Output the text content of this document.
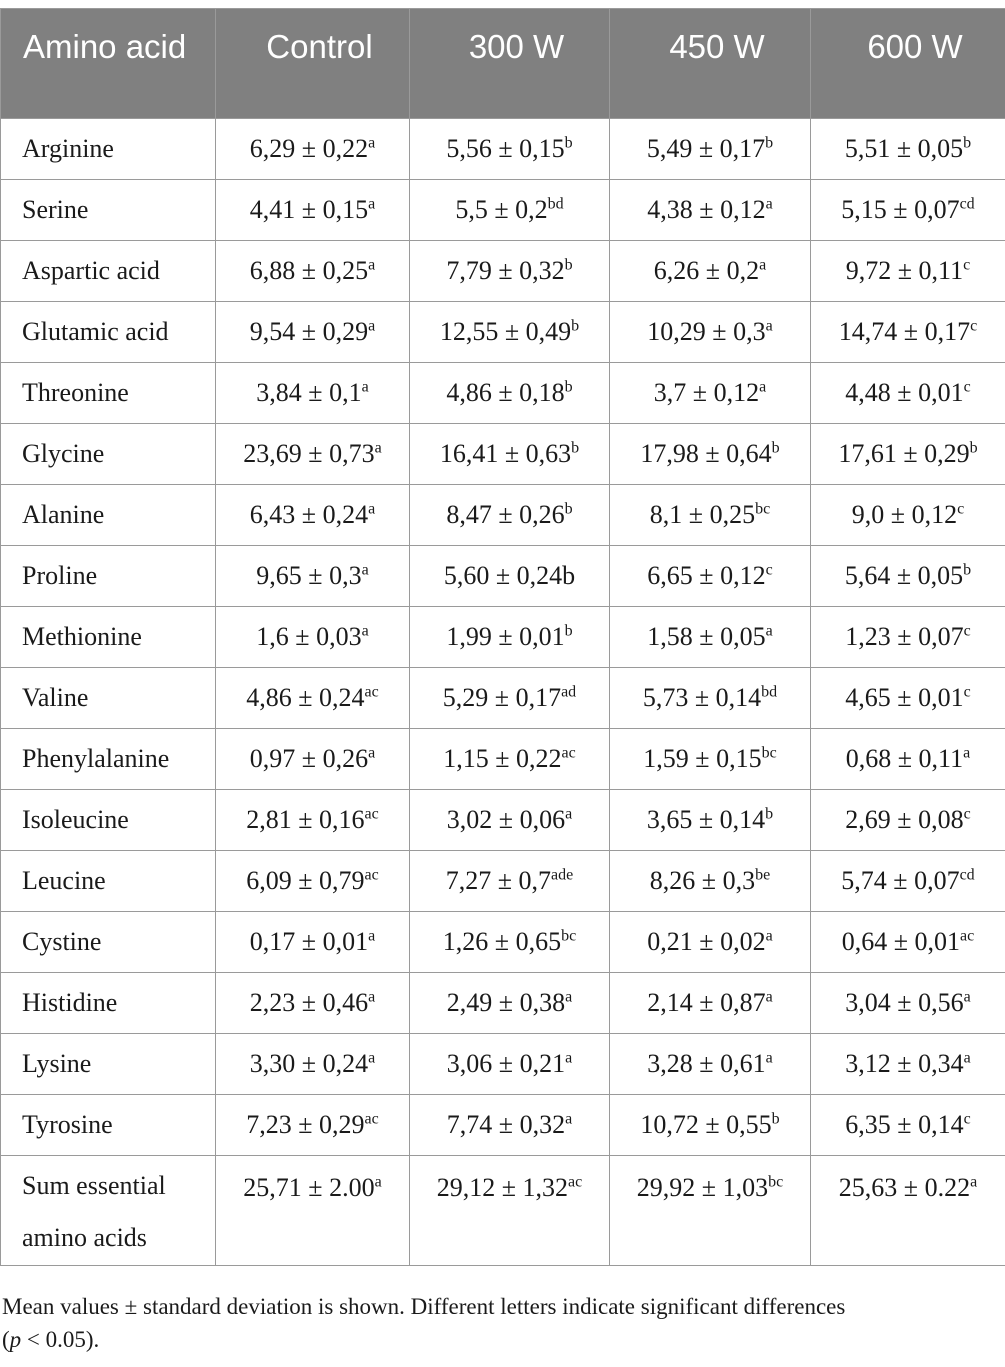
Amino acid	Control	300 W	450 W	600 W
Arginine	6,29 ± 0,22$^a$	5,56 ± 0,15$^b$	5,49 ± 0,17$^b$	5,51 ± 0,05$^b$
Serine	4,41 ± 0,15$^a$	5,5 ± 0,2$^{bd}$	4,38 ± 0,12$^a$	5,15 ± 0,07$^{cd}$
Aspartic acid	6,88 ± 0,25$^a$	7,79 ± 0,32$^b$	6,26 ± 0,2$^a$	9,72 ± 0,11$^c$
Glutamic acid	9,54 ± 0,29$^a$	12,55 ± 0,49$^b$	10,29 ± 0,3$^a$	14,74 ± 0,17$^c$
Threonine	3,84 ± 0,1$^a$	4,86 ± 0,18$^b$	3,7 ± 0,12$^a$	4,48 ± 0,01$^c$
Glycine	23,69 ± 0,73$^a$	16,41 ± 0,63$^b$	17,98 ± 0,64$^b$	17,61 ± 0,29$^b$
Alanine	6,43 ± 0,24$^a$	8,47 ± 0,26$^b$	8,1 ± 0,25$^{bc}$	9,0 ± 0,12$^c$
Proline	9,65 ± 0,3$^a$	5,60 ± 0,24b	6,65 ± 0,12$^c$	5,64 ± 0,05$^b$
Methionine	1,6 ± 0,03$^a$	1,99 ± 0,01$^b$	1,58 ± 0,05$^a$	1,23 ± 0,07$^c$
Valine	4,86 ± 0,24$^{ac}$	5,29 ± 0,17$^{ad}$	5,73 ± 0,14$^{bd}$	4,65 ± 0,01$^c$
Phenylalanine	0,97 ± 0,26$^a$	1,15 ± 0,22$^{ac}$	1,59 ± 0,15$^{bc}$	0,68 ± 0,11$^a$
Isoleucine	2,81 ± 0,16$^{ac}$	3,02 ± 0,06$^a$	3,65 ± 0,14$^b$	2,69 ± 0,08$^c$
Leucine	6,09 ± 0,79$^{ac}$	7,27 ± 0,7$^{ade}$	8,26 ± 0,3$^{be}$	5,74 ± 0,07$^{cd}$
Cystine	0,17 ± 0,01$^a$	1,26 ± 0,65$^{bc}$	0,21 ± 0,02$^a$	0,64 ± 0,01$^{ac}$
Histidine	2,23 ± 0,46$^a$	2,49 ± 0,38$^a$	2,14 ± 0,87$^a$	3,04 ± 0,56$^a$
Lysine	3,30 ± 0,24$^a$	3,06 ± 0,21$^a$	3,28 ± 0,61$^a$	3,12 ± 0,34$^a$
Tyrosine	7,23 ± 0,29$^{ac}$	7,74 ± 0,32$^a$	10,72 ± 0,55$^b$	6,35 ± 0,14$^c$
Sum essential amino acids	25,71 ± 2.00$^a$	29,12 ± 1,32$^{ac}$	29,92 ± 1,03$^{bc}$	25,63 ± 0.22$^a$
Mean values ± standard deviation is shown. Different letters indicate significant differences
(p < 0.05).
